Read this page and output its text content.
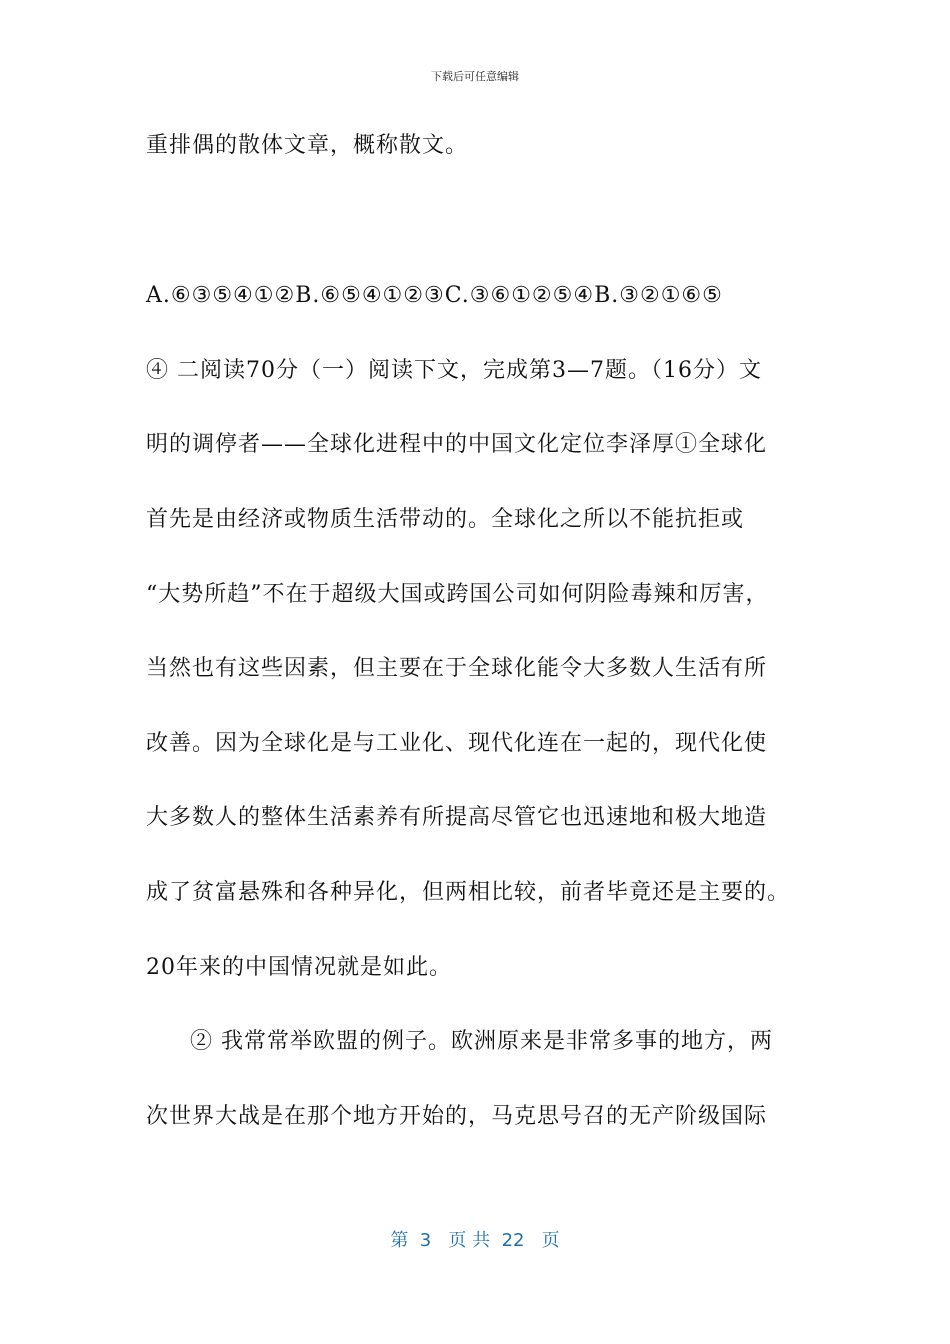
下载后可任意编辑
重排偶的散体文章，概称散文。
A.⑥③⑤④①②B.⑥⑤④①②③C.③⑥①②⑤④B.③②①⑥⑤
④ 二阅读70分（一）阅读下文，完成第3—7题。（16分）文
明的调停者——全球化进程中的中国文化定位李泽厚①全球化
首先是由经济或物质生活带动的。全球化之所以不能抗拒或
“大势所趋”不在于超级大国或跨国公司如何阴险毒辣和厉害，
当然也有这些因素，但主要在于全球化能令大多数人生活有所
改善。因为全球化是与工业化、现代化连在一起的，现代化使
大多数人的整体生活素养有所提高尽管它也迅速地和极大地造
成了贫富悬殊和各种异化，但两相比较，前者毕竟还是主要的。
20年来的中国情况就是如此。
② 我常常举欧盟的例子。欧洲原来是非常多事的地方，两
次世界大战是在那个地方开始的，马克思号召的无产阶级国际
第  3   页 共  22   页
